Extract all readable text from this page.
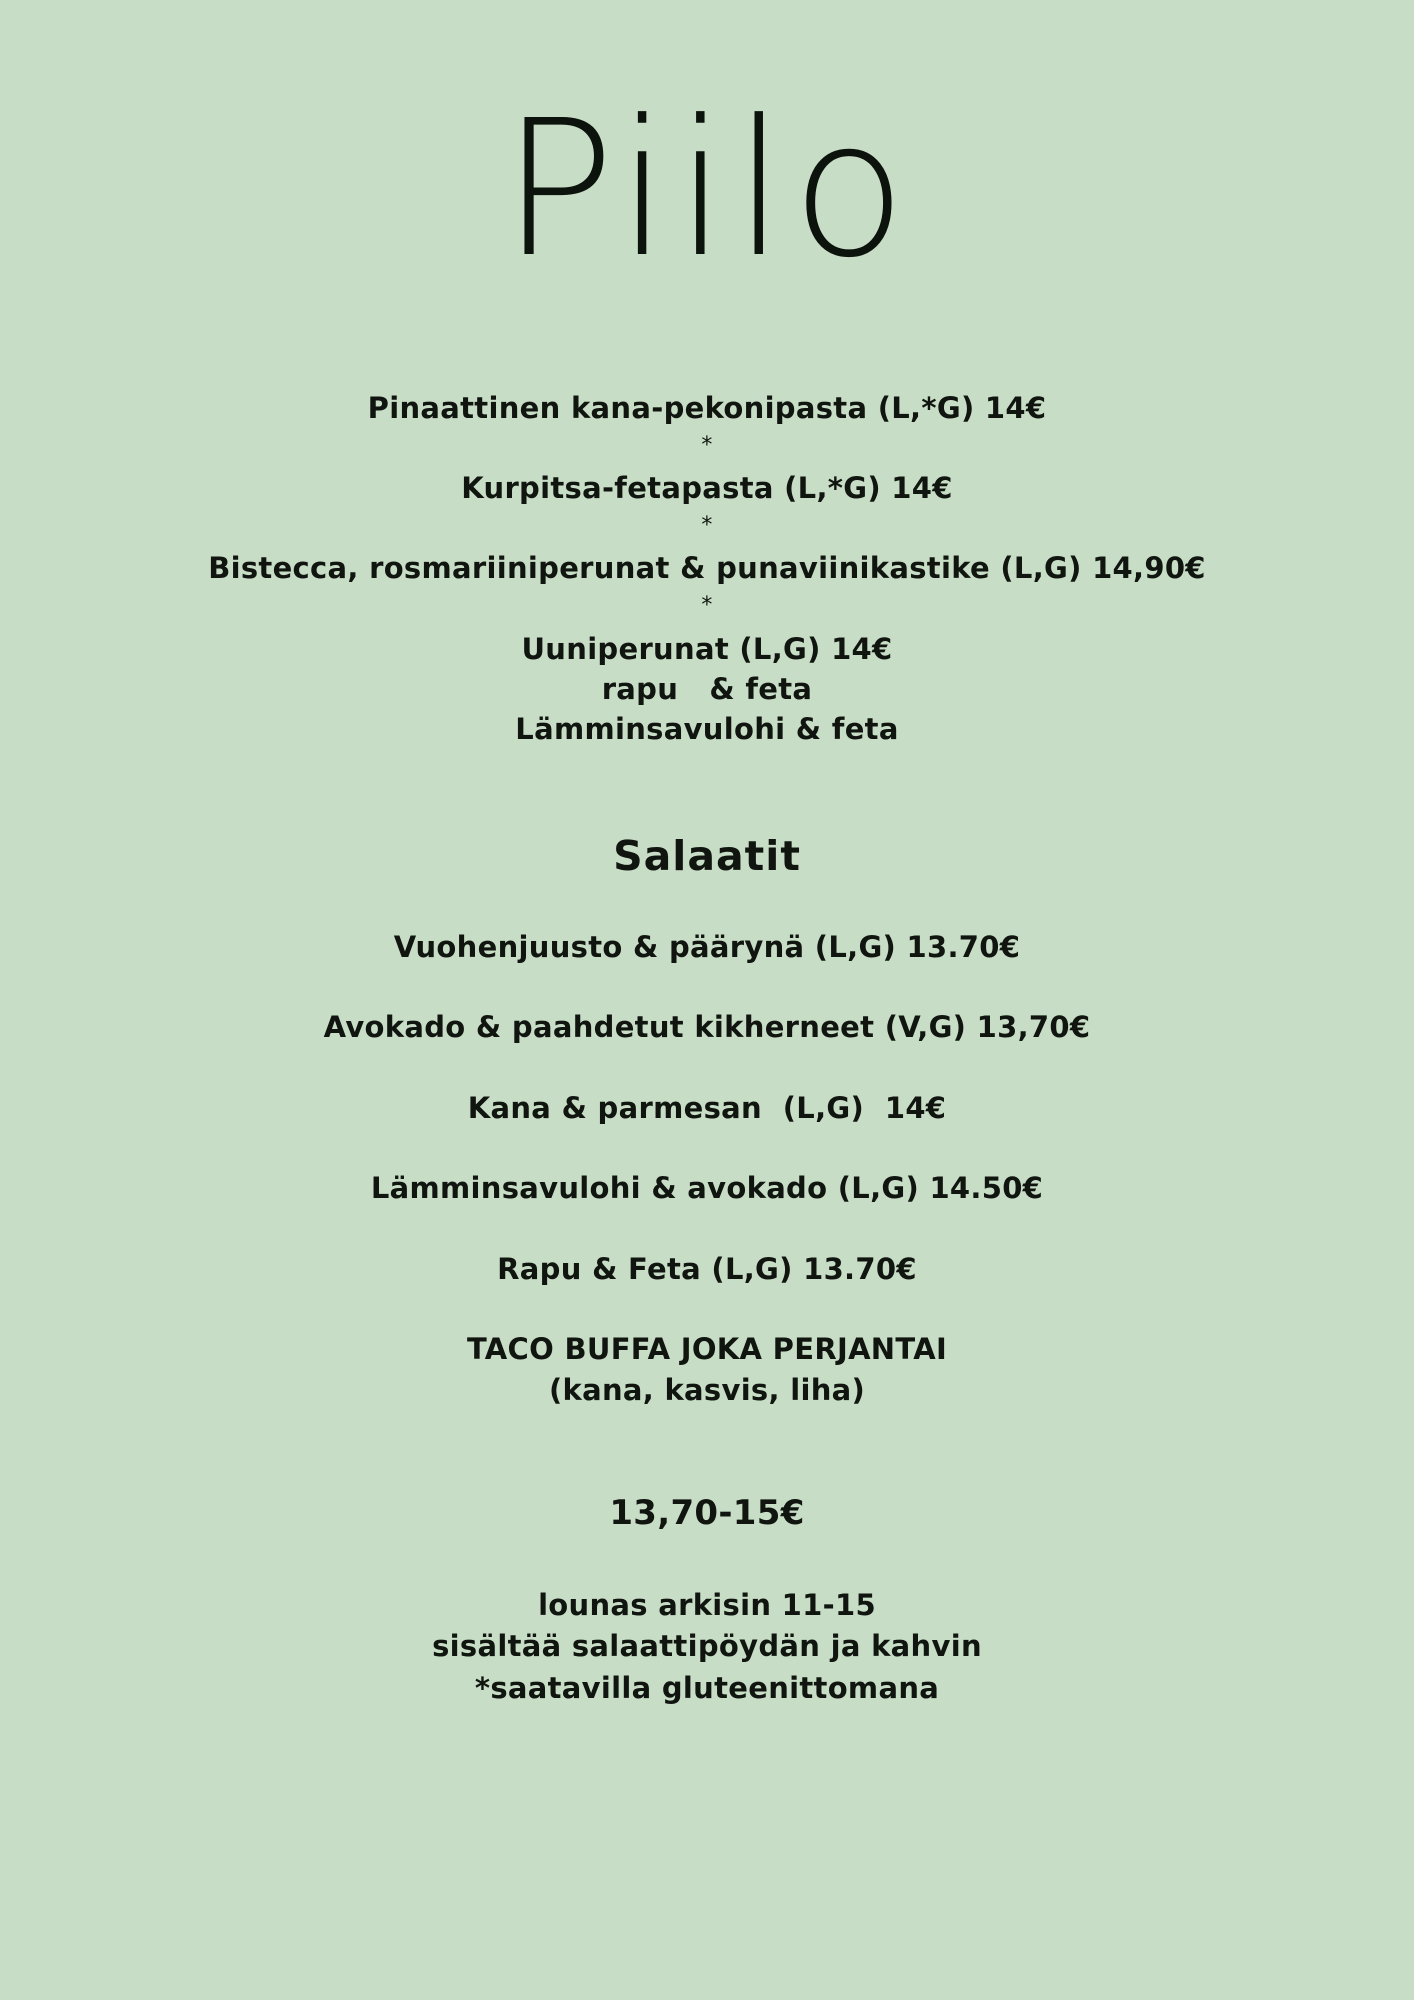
Piilo
Pinaattinen kana-pekonipasta (L,*G) 14€
*
Kurpitsa-fetapasta (L,*G) 14€
*
Bistecca, rosmariiniperunat & punaviinikastike (L,G) 14,90€
*
Uuniperunat (L,G) 14€
rapu   & feta
Lämminsavulohi & feta
Salaatit
Vuohenjuusto & päärynä (L,G) 13.70€
Avokado & paahdetut kikherneet (V,G) 13,70€
Kana & parmesan  (L,G)  14€
Lämminsavulohi & avokado (L,G) 14.50€
Rapu & Feta (L,G) 13.70€
TACO BUFFA JOKA PERJANTAI
(kana, kasvis, liha)
13,70-15€
lounas arkisin 11-15
sisältää salaattipöydän ja kahvin
*saatavilla gluteenittomana
